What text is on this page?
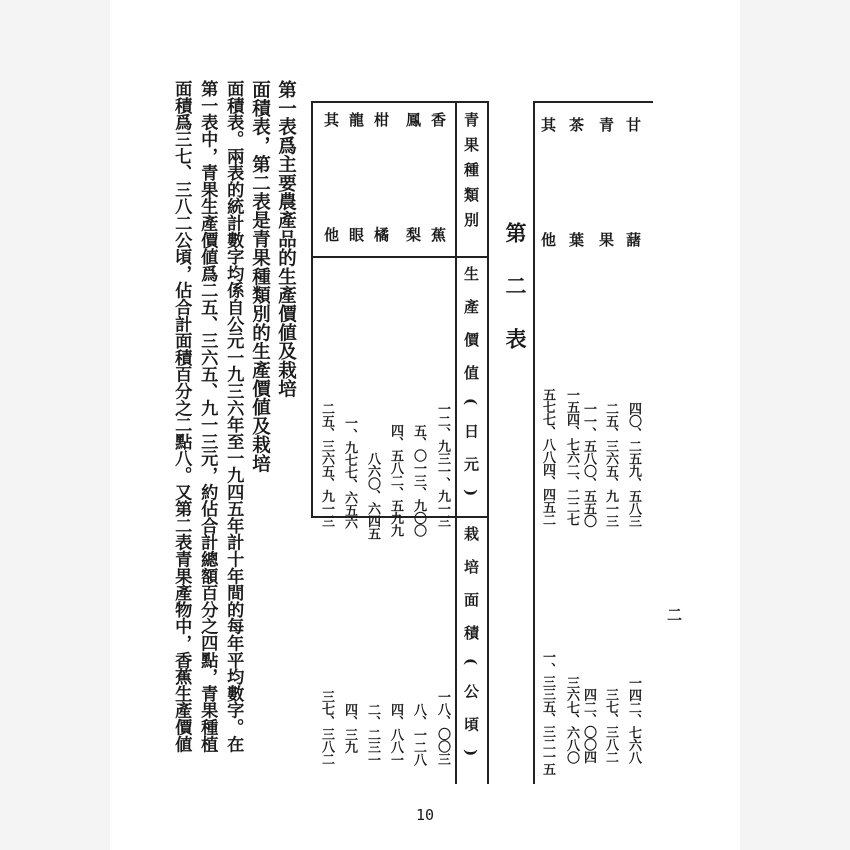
第一表爲主要農產品的生產價値及栽培
面積表，第二表是青果種類別的生產價値及栽培
面積表。兩表的統計數字均係自公元一九三六年至一九四五年計十年間的每年平均數字。在
第一表中，青果生產價値爲二五、三六五、九一三元，約佔合計總額百分之四點，青果種植
面積爲三七、三八二公頃，佔合計面積百分之二點八。又第二表青果產物中，香蕉生產價値	青果種類別
生產價值(日元)
栽培面積(公頃)
香蕉
鳳梨
柑橘
龍眼
其他
一二、九三一、九一三
五、〇一三、九〇〇
四、五八二、五九九
八六〇、六四五
一、九七七、六五六
二五、三六五、九一三
一八、〇〇三
八、一二八
四、八八一
二、二三一
四、三九
三七、三八二
第二表	甘藷
青果
茶葉
其他
四〇、二五九、五八三
二五、三六五、九一三
一一、五八〇、五五〇
一五四、七六二、二二七
五七七、八八四、四五二
一四二、七六八
三七、三八二
四二、〇〇四
三六七、六八〇
一、三三五、三二一五
二
10
